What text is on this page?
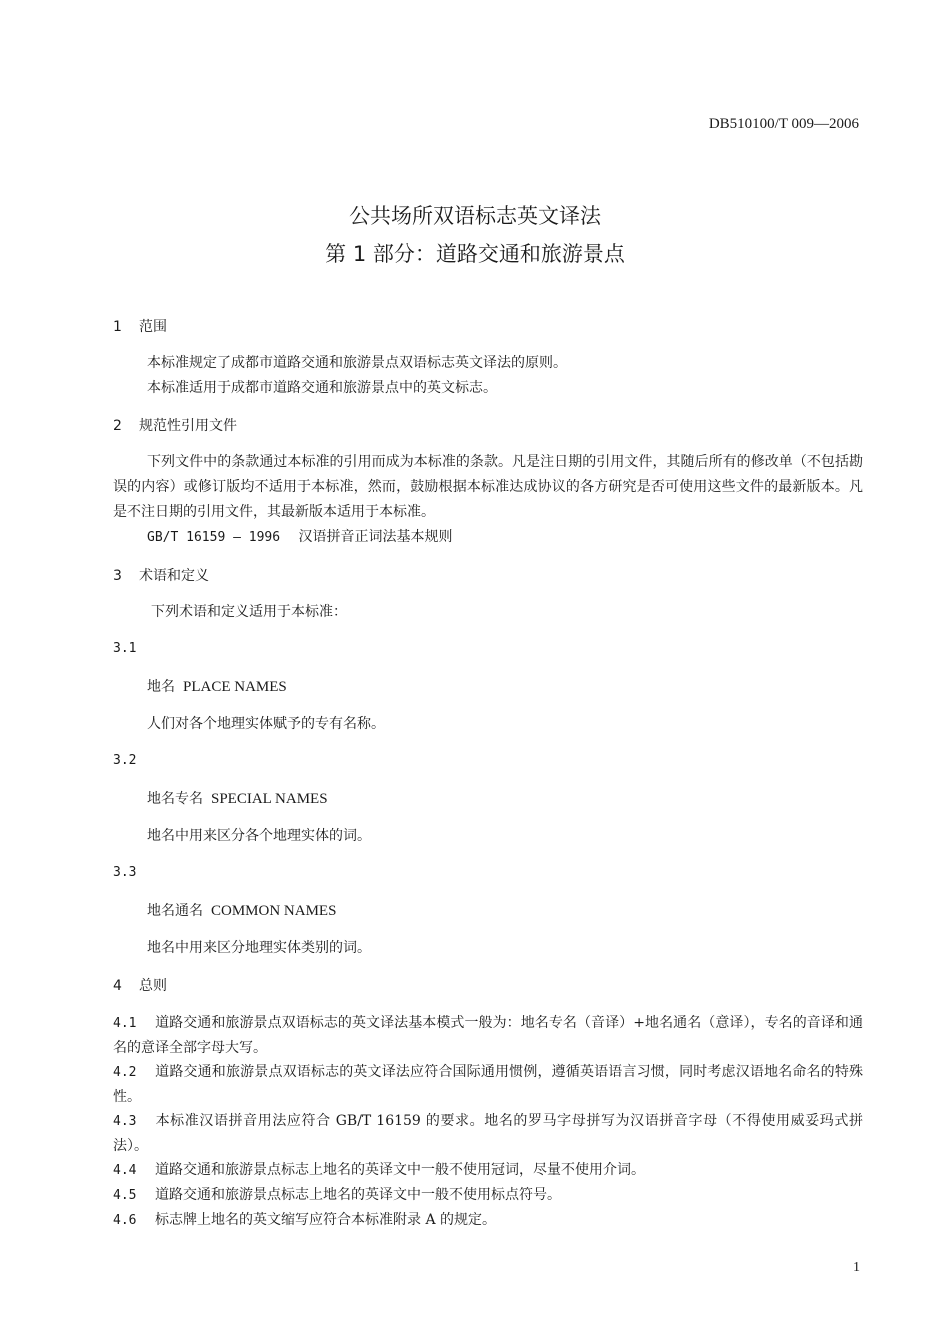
DB510100/T 009—2006
公共场所双语标志英文译法
第 1 部分：道路交通和旅游景点
1 范围
本标准规定了成都市道路交通和旅游景点双语标志英文译法的原则。
本标准适用于成都市道路交通和旅游景点中的英文标志。
2 规范性引用文件
下列文件中的条款通过本标准的引用而成为本标准的条款。凡是注日期的引用文件，其随后所有的修改单（不包括勘误的内容）或修订版均不适用于本标准，然而，鼓励根据本标准达成协议的各方研究是否可使用这些文件的最新版本。凡是不注日期的引用文件，其最新版本适用于本标准。
GB/T 16159 – 1996 汉语拼音正词法基本规则
3 术语和定义
下列术语和定义适用于本标准：
3.1
地名 PLACE NAMES
人们对各个地理实体赋予的专有名称。
3.2
地名专名 SPECIAL NAMES
地名中用来区分各个地理实体的词。
3.3
地名通名 COMMON NAMES
地名中用来区分地理实体类别的词。
4 总则
4.1 道路交通和旅游景点双语标志的英文译法基本模式一般为：地名专名（音译）+地名通名（意译），专名的音译和通名的意译全部字母大写。
4.2 道路交通和旅游景点双语标志的英文译法应符合国际通用惯例，遵循英语语言习惯，同时考虑汉语地名命名的特殊性。
4.3 本标准汉语拼音用法应符合 GB/T 16159 的要求。地名的罗马字母拼写为汉语拼音字母（不得使用威妥玛式拼法）。
4.4 道路交通和旅游景点标志上地名的英译文中一般不使用冠词，尽量不使用介词。
4.5 道路交通和旅游景点标志上地名的英译文中一般不使用标点符号。
4.6 标志牌上地名的英文缩写应符合本标准附录 A 的规定。
1
